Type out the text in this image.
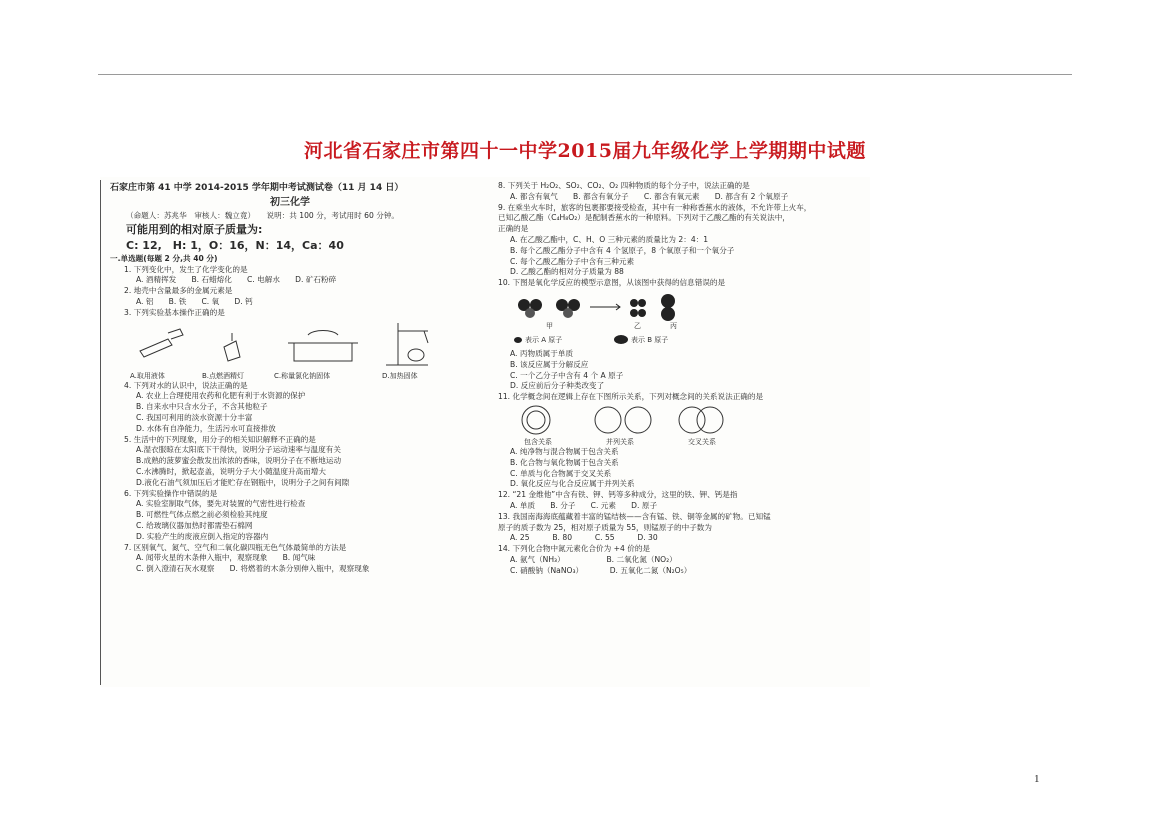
河北省石家庄市第四十一中学2015届九年级化学上学期期中试题
石家庄市第 41 中学 2014-2015 学年期中考试测试卷（11 月 14 日）
初三化学
（命题人：苏兆华　审核人：魏立竟）　　说明：共 100 分，考试用时 60 分钟。
可能用到的相对原子质量为:
C: 12,　H: 1，O：16，N：14，Ca：40
一.单选题(每题 2 分,共 40 分)
1. 下列变化中，发生了化学变化的是
A. 酒精挥发　　B. 石蜡熔化　　C. 电解水　　D. 矿石粉碎
2. 地壳中含量最多的金属元素是
A. 铝　　B. 铁　　C. 氧　　D. 钙
3. 下列实验基本操作正确的是
A.取用液体	B.点燃酒精灯	C.称量氯化钠固体	D.加热固体
4. 下列对水的认识中，说法正确的是
A. 农业上合理使用农药和化肥有利于水资源的保护
B. 自来水中只含水分子，不含其他粒子
C. 我国可利用的淡水资源十分丰富
D. 水体有自净能力，生活污水可直接排放
5. 生活中的下列现象，用分子的相关知识解释不正确的是
A.湿衣服晾在太阳底下干得快，说明分子运动速率与温度有关
B.成熟的菠萝蜜会散发出浓浓的香味，说明分子在不断地运动
C.水沸腾时，掀起壶盖，说明分子大小随温度升高而增大
D.液化石油气须加压后才能贮存在钢瓶中，说明分子之间有间隙
6. 下列实验操作中错误的是
A. 实验室制取气体，要先对装置的气密性进行检查
B. 可燃性气体点燃之前必须检验其纯度
C. 给玻璃仪器加热时都需垫石棉网
D. 实验产生的废液应倒入指定的容器内
7. 区别氧气、氮气、空气和二氧化碳四瓶无色气体最简单的方法是
A. 闻带火星的木条伸入瓶中，观察现象　　B. 闻气味
C. 倒入澄清石灰水观察　　D. 将燃着的木条分别伸入瓶中，观察现象
8. 下列关于 H₂O₂、SO₂、CO₂、O₂ 四种物质的每个分子中，说法正确的是
A. 都含有氧气　　B. 都含有氧分子　　C. 都含有氧元素　　D. 都含有 2 个氧原子
9. 在乘坐火车时，旅客的包裹都要接受检查，其中有一种称香蕉水的液体，不允许带上火车，
已知乙酸乙酯（C₄H₈O₂）是配制香蕉水的一种原料。下列对于乙酸乙酯的有关说法中，
正确的是
A. 在乙酸乙酯中，C、H、O 三种元素的质量比为 2：4：1
B. 每个乙酸乙酯分子中含有 4 个氢原子，8 个氧原子和一个氧分子
C. 每个乙酸乙酯分子中含有三种元素
D. 乙酸乙酯的相对分子质量为 88
10. 下图是氧化学反应的模型示意图，从该图中获得的信息错误的是
甲	乙	丙
表示 A 原子	表示 B 原子
A. 丙物质属于单质
B. 该反应属于分解反应
C. 一个乙分子中含有 4 个 A 原子
D. 反应前后分子种类改变了
11. 化学概念间在逻辑上存在下图所示关系，下列对概念间的关系说法正确的是
包含关系	并列关系	交叉关系
A. 纯净物与混合物属于包含关系
B. 化合物与氧化物属于包含关系
C. 单质与化合物属于交叉关系
D. 氧化反应与化合反应属于并列关系
12. “21 金维他”中含有铁、钾、钙等多种成分，这里的铁、钾、钙是指
A. 单质　　B. 分子　　C. 元素　　D. 原子
13. 我国南海海底蕴藏着丰富的锰结核——含有锰、铁、铜等金属的矿物。已知锰
原子的质子数为 25，相对原子质量为 55，则锰原子的中子数为
A. 25　　　B. 80　　　C. 55　　　D. 30
14. 下列化合物中氮元素化合价为 +4 价的是
A. 氨气（NH₃）　　　　　　B. 二氧化氮（NO₂）
C. 硝酸钠（NaNO₃）　　　　D. 五氧化二氮（N₂O₅）
1
